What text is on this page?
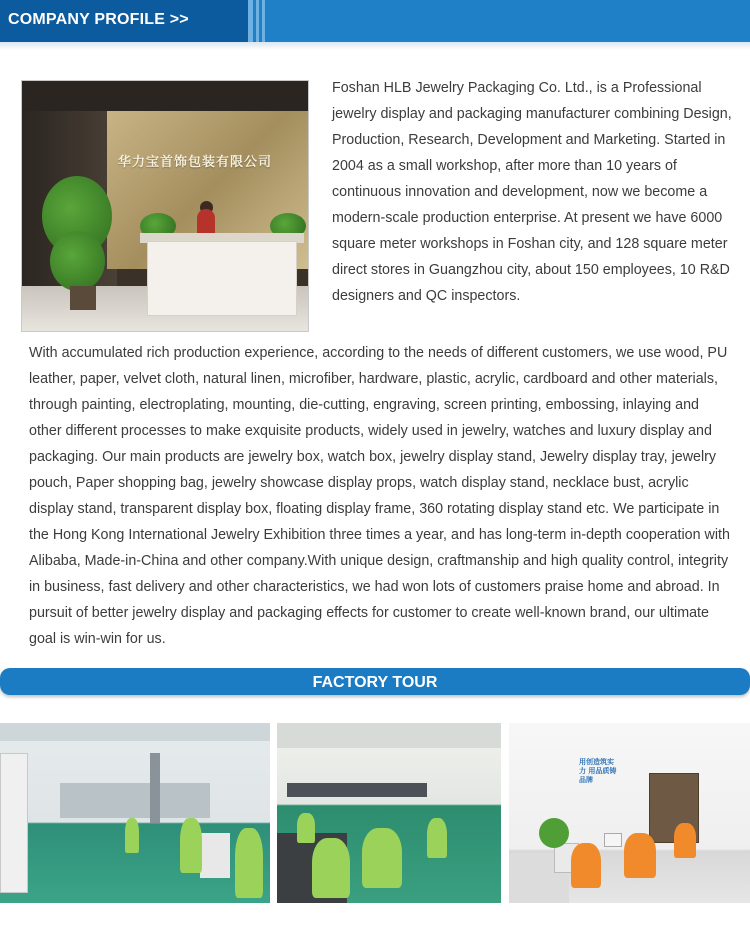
COMPANY PROFILE >>
华力宝首饰包装有限公司

Foshan HLB Jewelry Packaging Co. Ltd., is a Professional jewelry display and packaging manufacturer combining Design, Production, Research, Development and Marketing. Started in 2004 as a small workshop, after more than 10 years of continuous innovation and development, now we become a modern-scale production enterprise. At present we have 6000 square meter workshops in Foshan city, and 128 square meter direct stores in Guangzhou city, about 150 employees, 10 R&D designers and QC inspectors.

With accumulated rich production experience, according to the needs of different customers, we use wood, PU leather, paper, velvet cloth, natural linen, microfiber, hardware, plastic, acrylic, cardboard and other materials, through painting, electroplating, mounting, die-cutting, engraving, screen printing, embossing, inlaying and other different processes to make exquisite products, widely used in jewelry, watches and luxury display and packaging. Our main products are jewelry box, watch box, jewelry display stand, Jewelry display tray, jewelry pouch, Paper shopping bag, jewelry showcase display props, watch display stand, necklace bust, acrylic display stand, transparent display box, floating display frame, 360 rotating display stand etc. We participate in the Hong Kong International Jewelry Exhibition three times a year, and has long-term in-depth cooperation with Alibaba, Made-in-China and other company.With unique design, craftmanship and high quality control, integrity in business, fast delivery and other characteristics, we had won lots of customers praise home and abroad. In pursuit of better jewelry display and packaging effects for customer to create well-known brand, our ultimate goal is win-win for us.

FACTORY TOUR
用创造筑实力 用品质铸品牌
